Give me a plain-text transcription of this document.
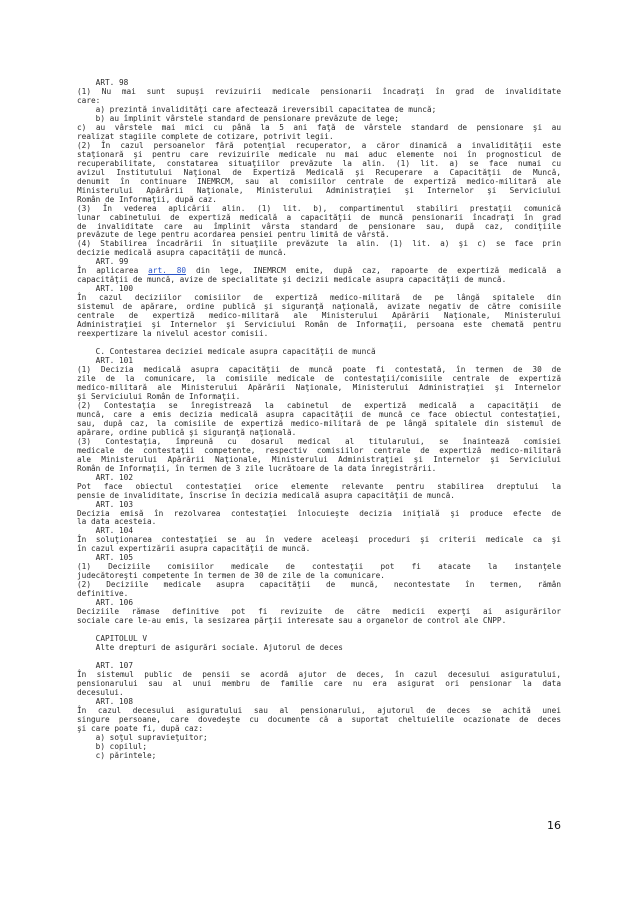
ART. 98
(1) Nu mai sunt supuşi revizuirii medicale pensionarii încadraţi în grad de invaliditate
care:
a) prezintă invalidităţi care afectează ireversibil capacitatea de muncă;
b) au împlinit vârstele standard de pensionare prevăzute de lege;
c) au vârstele mai mici cu până la 5 ani faţă de vârstele standard de pensionare şi au
realizat stagiile complete de cotizare, potrivit legii.
(2) În cazul persoanelor fără potenţial recuperator, a căror dinamică a invalidităţii este
staţionară şi pentru care revizuirile medicale nu mai aduc elemente noi în prognosticul de
recuperabilitate, constatarea situaţiilor prevăzute la alin. (1) lit. a) se face numai cu
avizul Institutului Naţional de Expertiză Medicală şi Recuperare a Capacităţii de Muncă,
denumit în continuare INEMRCM, sau al comisiilor centrale de expertiză medico-militară ale
Ministerului Apărării Naţionale, Ministerului Administraţiei şi Internelor şi Serviciului
Român de Informaţii, după caz.
(3) În vederea aplicării alin. (1) lit. b), compartimentul stabiliri prestaţii comunică
lunar cabinetului de expertiză medicală a capacităţii de muncă pensionarii încadraţi în grad
de invaliditate care au împlinit vârsta standard de pensionare sau, după caz, condiţiile
prevăzute de lege pentru acordarea pensiei pentru limită de vârstă.
(4) Stabilirea încadrării în situaţiile prevăzute la alin. (1) lit. a) şi c) se face prin
decizie medicală asupra capacităţii de muncă.
ART. 99
În aplicarea art. 80 din lege, INEMRCM emite, după caz, rapoarte de expertiză medicală a
capacităţii de muncă, avize de specialitate şi decizii medicale asupra capacităţii de muncă.
ART. 100
În cazul deciziilor comisiilor de expertiză medico-militară de pe lângă spitalele din
sistemul de apărare, ordine publică şi siguranţă naţională, avizate negativ de către comisiile
centrale de expertiză medico-militară ale Ministerului Apărării Naţionale, Ministerului
Administraţiei şi Internelor şi Serviciului Român de Informaţii, persoana este chemată pentru
reexpertizare la nivelul acestor comisii.
C. Contestarea deciziei medicale asupra capacităţii de muncă
ART. 101
(1) Decizia medicală asupra capacităţii de muncă poate fi contestată, în termen de 30 de
zile de la comunicare, la comisiile medicale de contestaţii/comisiile centrale de expertiză
medico-militară ale Ministerului Apărării Naţionale, Ministerului Administraţiei şi Internelor
şi Serviciului Român de Informaţii.
(2) Contestaţia se înregistrează la cabinetul de expertiză medicală a capacităţii de
muncă, care a emis decizia medicală asupra capacităţii de muncă ce face obiectul contestaţiei,
sau, după caz, la comisiile de expertiză medico-militară de pe lângă spitalele din sistemul de
apărare, ordine publică şi siguranţă naţională.
(3) Contestaţia, împreună cu dosarul medical al titularului, se înaintează comisiei
medicale de contestaţii competente, respectiv comisiilor centrale de expertiză medico-militară
ale Ministerului Apărării Naţionale, Ministerului Administraţiei şi Internelor şi Serviciului
Român de Informaţii, în termen de 3 zile lucrătoare de la data înregistrării.
ART. 102
Pot face obiectul contestaţiei orice elemente relevante pentru stabilirea dreptului la
pensie de invaliditate, înscrise în decizia medicală asupra capacităţii de muncă.
ART. 103
Decizia emisă în rezolvarea contestaţiei înlocuieşte decizia iniţială şi produce efecte de
la data acesteia.
ART. 104
În soluţionarea contestaţiei se au în vedere aceleaşi proceduri şi criterii medicale ca şi
în cazul expertizării asupra capacităţii de muncă.
ART. 105
(1) Deciziile comisiilor medicale de contestaţii pot fi atacate la instanţele
judecătoreşti competente în termen de 30 de zile de la comunicare.
(2) Deciziile medicale asupra capacităţii de muncă, necontestate în termen, rămân
definitive.
ART. 106
Deciziile rămase definitive pot fi revizuite de către medicii experţi ai asigurărilor
sociale care le-au emis, la sesizarea părţii interesate sau a organelor de control ale CNPP.
CAPITOLUL V
Alte drepturi de asigurări sociale. Ajutorul de deces
ART. 107
În sistemul public de pensii se acordă ajutor de deces, în cazul decesului asiguratului,
pensionarului sau al unui membru de familie care nu era asigurat ori pensionar la data
decesului.
ART. 108
În cazul decesului asiguratului sau al pensionarului, ajutorul de deces se achită unei
singure persoane, care dovedeşte cu documente că a suportat cheltuielile ocazionate de deces
şi care poate fi, după caz:
a) soţul supravieţuitor;
b) copilul;
c) părintele;
16
